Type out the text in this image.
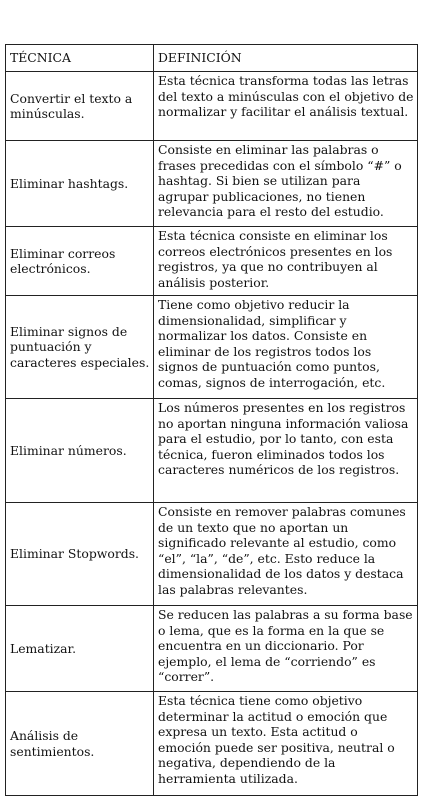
TÉCNICA	DEFINICIÓN
Convertir el texto a minúsculas.	Esta técnica transforma todas las letras del texto a minúsculas con el objetivo de normalizar y facilitar el análisis textual.
Eliminar hashtags.	Consiste en eliminar las palabras o frases precedidas con el símbolo “#” o hashtag. Si bien se utilizan para agrupar publicaciones, no tienen relevancia para el resto del estudio.
Eliminar correos electrónicos.	Esta técnica consiste en eliminar los correos electrónicos presentes en los registros, ya que no contribuyen al análisis posterior.
Eliminar signos de puntuación y caracteres especiales.	Tiene como objetivo reducir la dimensionalidad, simplificar y normalizar los datos. Consiste en eliminar de los registros todos los signos de puntuación como puntos, comas, signos de interrogación, etc.
Eliminar números.	Los números presentes en los registros no aportan ninguna información valiosa para el estudio, por lo tanto, con esta técnica, fueron eliminados todos los caracteres numéricos de los registros.
Eliminar Stopwords.	Consiste en remover palabras comunes de un texto que no aportan un significado relevante al estudio, como “el”, “la”, “de”, etc. Esto reduce la dimensionalidad de los datos y destaca las palabras relevantes.
Lematizar.	Se reducen las palabras a su forma base o lema, que es la forma en la que se encuentra en un diccionario. Por ejemplo, el lema de “corriendo” es “correr”.
Análisis de sentimientos.	Esta técnica tiene como objetivo determinar la actitud o emoción que expresa un texto. Esta actitud o emoción puede ser positiva, neutral o negativa, dependiendo de la herramienta utilizada.
